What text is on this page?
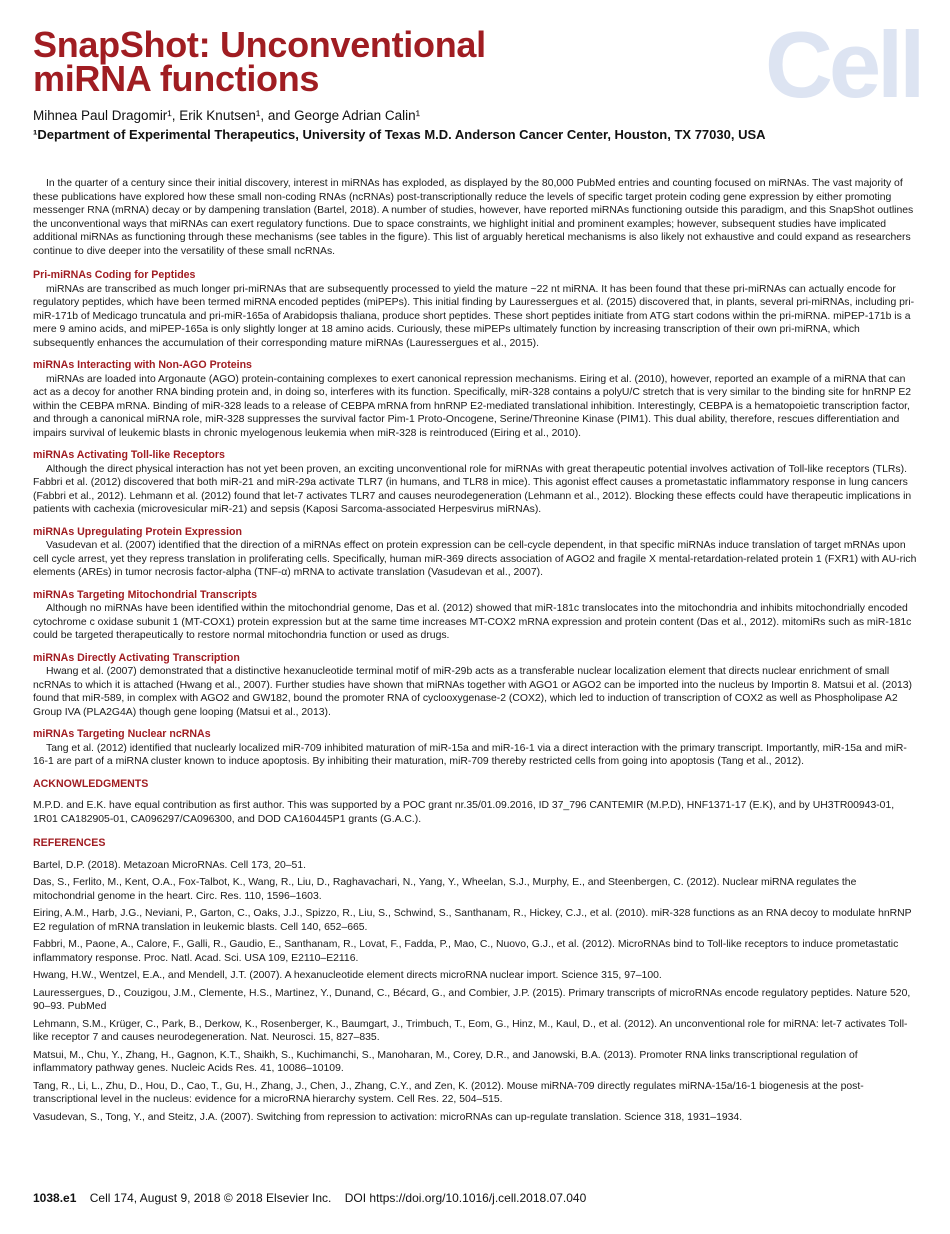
SnapShot: Unconventional
miRNA functions	Cell
Mihnea Paul Dragomir¹, Erik Knutsen¹, and George Adrian Calin¹
¹Department of Experimental Therapeutics, University of Texas M.D. Anderson Cancer Center, Houston, TX 77030, USA

In the quarter of a century since their initial discovery, interest in miRNAs has exploded, as displayed by the 80,000 PubMed entries and counting focused on miRNAs. The vast majority of these publications have explored how these small non-coding RNAs (ncRNAs) post-transcriptionally reduce the levels of specific target protein coding gene expression by either promoting messenger RNA (mRNA) decay or by dampening translation (Bartel, 2018). A number of studies, however, have reported miRNAs functioning outside this paradigm, and this SnapShot outlines the unconventional ways that miRNAs can exert regulatory functions. Due to space constraints, we highlight initial and prominent examples; however, subsequent studies have implicated additional miRNAs as functioning through these mechanisms (see tables in the figure). This list of arguably heretical mechanisms is also likely not exhaustive and could expand as researchers continue to dive deeper into the versatility of these small ncRNAs.

Pri-miRNAs Coding for Peptides

miRNAs are transcribed as much longer pri-miRNAs that are subsequently processed to yield the mature ~22 nt miRNA. It has been found that these pri-miRNAs can actually encode for regulatory peptides, which have been termed miRNA encoded peptides (miPEPs). This initial finding by Lauressergues et al. (2015) discovered that, in plants, several pri-miRNAs, including pri-miR-171b of Medicago truncatula and pri-miR-165a of Arabidopsis thaliana, produce short peptides. These short peptides initiate from ATG start codons within the pri-miRNA. miPEP-171b is a mere 9 amino acids, and miPEP-165a is only slightly longer at 18 amino acids. Curiously, these miPEPs ultimately function by increasing transcription of their own pri-miRNA, which subsequently enhances the accumulation of their corresponding mature miRNAs (Lauressergues et al., 2015).

miRNAs Interacting with Non-AGO Proteins

miRNAs are loaded into Argonaute (AGO) protein-containing complexes to exert canonical repression mechanisms. Eiring et al. (2010), however, reported an example of a miRNA that can act as a decoy for another RNA binding protein and, in doing so, interferes with its function. Specifically, miR-328 contains a polyU/C stretch that is very similar to the binding site for hnRNP E2 within the CEBPA mRNA. Binding of miR-328 leads to a release of CEBPA mRNA from hnRNP E2-mediated translational inhibition. Interestingly, CEBPA is a hematopoietic transcription factor, and through a canonical miRNA role, miR-328 suppresses the survival factor Pim-1 Proto-Oncogene, Serine/Threonine Kinase (PIM1). This dual ability, therefore, rescues differentiation and impairs survival of leukemic blasts in chronic myelogenous leukemia when miR-328 is reintroduced (Eiring et al., 2010).

miRNAs Activating Toll-like Receptors

Although the direct physical interaction has not yet been proven, an exciting unconventional role for miRNAs with great therapeutic potential involves activation of Toll-like receptors (TLRs). Fabbri et al. (2012) discovered that both miR-21 and miR-29a activate TLR7 (in humans, and TLR8 in mice). This agonist effect causes a prometastatic inflammatory response in lung cancers (Fabbri et al., 2012). Lehmann et al. (2012) found that let-7 activates TLR7 and causes neurodegeneration (Lehmann et al., 2012). Blocking these effects could have therapeutic implications in patients with cachexia (microvesicular miR-21) and sepsis (Kaposi Sarcoma-associated Herpesvirus miRNAs).

miRNAs Upregulating Protein Expression

Vasudevan et al. (2007) identified that the direction of a miRNAs effect on protein expression can be cell-cycle dependent, in that specific miRNAs induce translation of target mRNAs upon cell cycle arrest, yet they repress translation in proliferating cells. Specifically, human miR-369 directs association of AGO2 and fragile X mental-retardation-related protein 1 (FXR1) with AU-rich elements (AREs) in tumor necrosis factor-alpha (TNF-α) mRNA to activate translation (Vasudevan et al., 2007).

miRNAs Targeting Mitochondrial Transcripts

Although no miRNAs have been identified within the mitochondrial genome, Das et al. (2012) showed that miR-181c translocates into the mitochondria and inhibits mitochondrially encoded cytochrome c oxidase subunit 1 (MT-COX1) protein expression but at the same time increases MT-COX2 mRNA expression and protein content (Das et al., 2012). mitomiRs such as miR-181c could be targeted therapeutically to restore normal mitochondria function or used as drugs.

miRNAs Directly Activating Transcription

Hwang et al. (2007) demonstrated that a distinctive hexanucleotide terminal motif of miR-29b acts as a transferable nuclear localization element that directs nuclear enrichment of small ncRNAs to which it is attached (Hwang et al., 2007). Further studies have shown that miRNAs together with AGO1 or AGO2 can be imported into the nucleus by Importin 8. Matsui et al. (2013) found that miR-589, in complex with AGO2 and GW182, bound the promoter RNA of cyclooxygenase-2 (COX2), which led to induction of transcription of COX2 as well as Phospholipase A2 Group IVA (PLA2G4A) though gene looping (Matsui et al., 2013).

miRNAs Targeting Nuclear ncRNAs

Tang et al. (2012) identified that nuclearly localized miR-709 inhibited maturation of miR-15a and miR-16-1 via a direct interaction with the primary transcript. Importantly, miR-15a and miR-16-1 are part of a miRNA cluster known to induce apoptosis. By inhibiting their maturation, miR-709 thereby restricted cells from going into apoptosis (Tang et al., 2012).

ACKNOWLEDGMENTS

M.P.D. and E.K. have equal contribution as first author. This was supported by a POC grant nr.35/01.09.2016, ID 37_796 CANTEMIR (M.P.D), HNF1371-17 (E.K), and by UH3TR00943-01, 1R01 CA182905-01, CA096297/CA096300, and DOD CA160445P1 grants (G.A.C.).

REFERENCES

Bartel, D.P. (2018). Metazoan MicroRNAs. Cell 173, 20–51.

Das, S., Ferlito, M., Kent, O.A., Fox-Talbot, K., Wang, R., Liu, D., Raghavachari, N., Yang, Y., Wheelan, S.J., Murphy, E., and Steenbergen, C. (2012). Nuclear miRNA regulates the mitochondrial genome in the heart. Circ. Res. 110, 1596–1603.

Eiring, A.M., Harb, J.G., Neviani, P., Garton, C., Oaks, J.J., Spizzo, R., Liu, S., Schwind, S., Santhanam, R., Hickey, C.J., et al. (2010). miR-328 functions as an RNA decoy to modulate hnRNP E2 regulation of mRNA translation in leukemic blasts. Cell 140, 652–665.

Fabbri, M., Paone, A., Calore, F., Galli, R., Gaudio, E., Santhanam, R., Lovat, F., Fadda, P., Mao, C., Nuovo, G.J., et al. (2012). MicroRNAs bind to Toll-like receptors to induce prometastatic inflammatory response. Proc. Natl. Acad. Sci. USA 109, E2110–E2116.

Hwang, H.W., Wentzel, E.A., and Mendell, J.T. (2007). A hexanucleotide element directs microRNA nuclear import. Science 315, 97–100.

Lauressergues, D., Couzigou, J.M., Clemente, H.S., Martinez, Y., Dunand, C., Bécard, G., and Combier, J.P. (2015). Primary transcripts of microRNAs encode regulatory peptides. Nature 520, 90–93. PubMed

Lehmann, S.M., Krüger, C., Park, B., Derkow, K., Rosenberger, K., Baumgart, J., Trimbuch, T., Eom, G., Hinz, M., Kaul, D., et al. (2012). An unconventional role for miRNA: let-7 activates Toll-like receptor 7 and causes neurodegeneration. Nat. Neurosci. 15, 827–835.

Matsui, M., Chu, Y., Zhang, H., Gagnon, K.T., Shaikh, S., Kuchimanchi, S., Manoharan, M., Corey, D.R., and Janowski, B.A. (2013). Promoter RNA links transcriptional regulation of inflammatory pathway genes. Nucleic Acids Res. 41, 10086–10109.

Tang, R., Li, L., Zhu, D., Hou, D., Cao, T., Gu, H., Zhang, J., Chen, J., Zhang, C.Y., and Zen, K. (2012). Mouse miRNA-709 directly regulates miRNA-15a/16-1 biogenesis at the post-transcriptional level in the nucleus: evidence for a microRNA hierarchy system. Cell Res. 22, 504–515.

Vasudevan, S., Tong, Y., and Steitz, J.A. (2007). Switching from repression to activation: microRNAs can up-regulate translation. Science 318, 1931–1934.

1038.e1 Cell 174, August 9, 2018 © 2018 Elsevier Inc. DOI https://doi.org/10.1016/j.cell.2018.07.040
